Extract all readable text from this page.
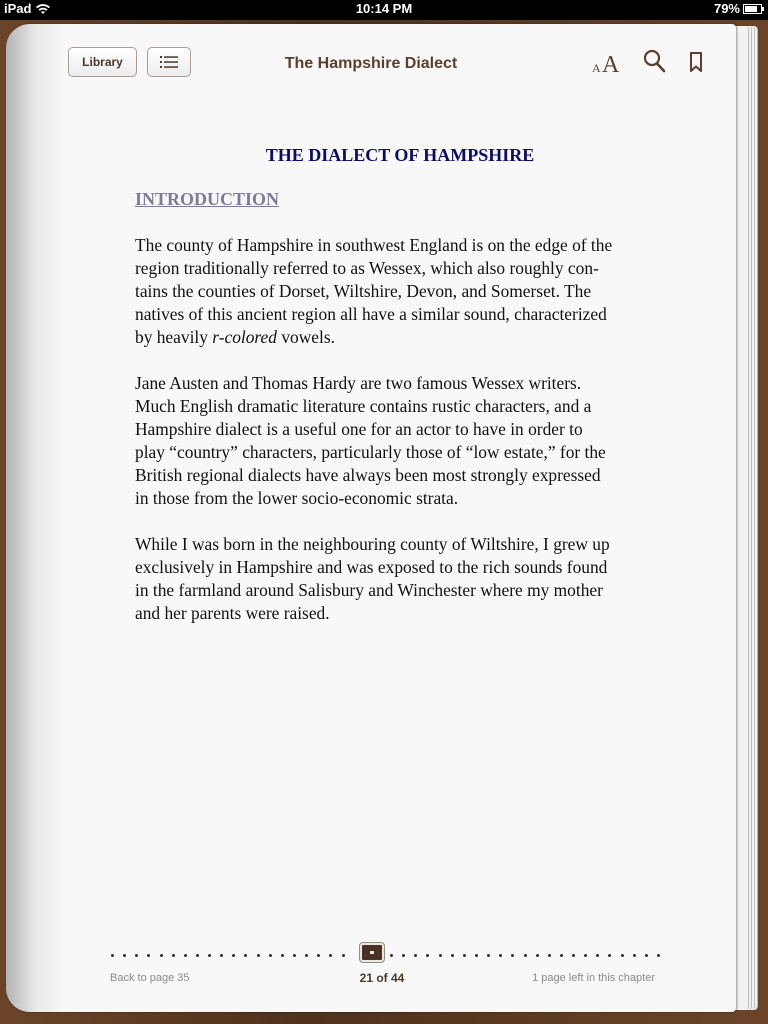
iPad	10:14 PM	79%
Library	The Hampshire Dialect	A A
THE DIALECT OF HAMPSHIRE
INTRODUCTION

The county of Hampshire in southwest England is on the edge of the
region traditionally referred to as Wessex, which also roughly con-
tains the counties of Dorset, Wiltshire, Devon, and Somerset. The
natives of this ancient region all have a similar sound, characterized
by heavily r-colored vowels.

Jane Austen and Thomas Hardy are two famous Wessex writers.
Much English dramatic literature contains rustic characters, and a
Hampshire dialect is a useful one for an actor to have in order to
play “country” characters, particularly those of “low estate,” for the
British regional dialects have always been most strongly expressed
in those from the lower socio-economic strata.

While I was born in the neighbouring county of Wiltshire, I grew up
exclusively in Hampshire and was exposed to the rich sounds found
in the farmland around Salisbury and Winchester where my mother
and her parents were raised.

Back to page 35	21 of 44	1 page left in this chapter
